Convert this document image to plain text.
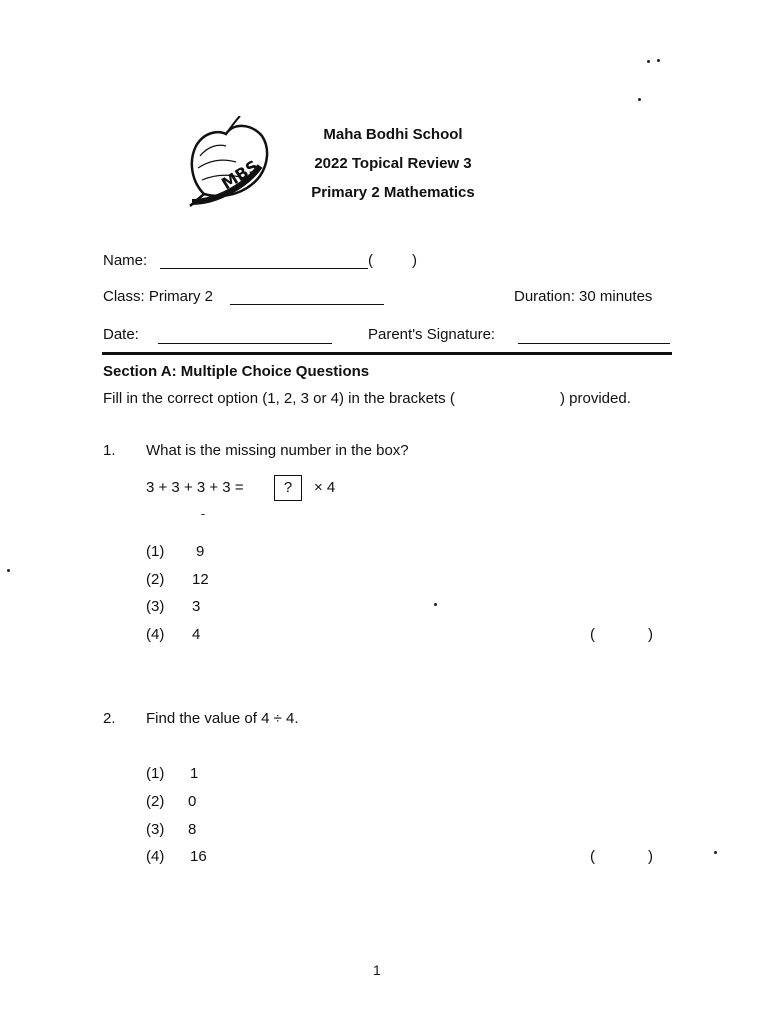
MBS
Maha Bodhi School
2022 Topical Review 3
Primary 2 Mathematics
Name:	(	)
Class: Primary 2	Duration: 30 minutes
Date:	Parent's Signature:
Section A: Multiple Choice Questions
Fill in the correct option (1, 2, 3 or 4) in the brackets (	) provided.
1. What is the missing number in the box?
3 + 3 + 3 + 3 =	?	× 4
(1)	9
(2)	12
(3)	3
(4)	4	(	)
2. Find the value of 4 ÷ 4.
(1)	1
(2)	0
(3)	8
(4)	16	(	)
1
